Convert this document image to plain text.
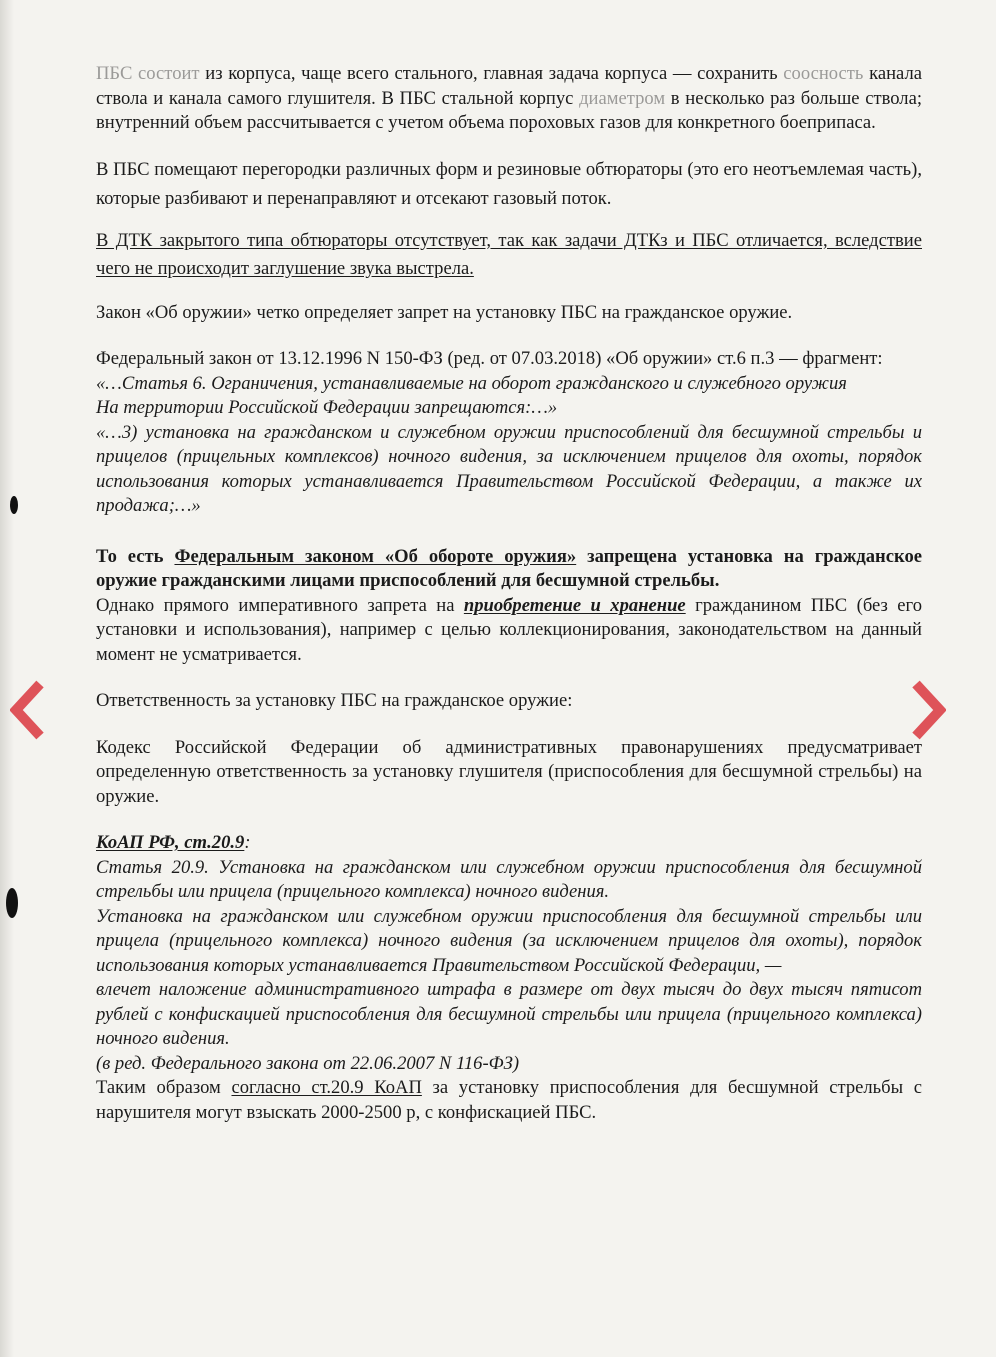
ПБС состоит из корпуса, чаще всего стального, главная задача корпуса — сохранить соосность канала ствола и канала самого глушителя. В ПБС стальной корпус диаметром в несколько раз больше ствола; внутренний объем рассчитывается с учетом объема пороховых газов для конкретного боеприпаса.

В ПБС помещают перегородки различных форм и резиновые обтюраторы (это его неотъемлемая часть), которые разбивают и перенаправляют и отсекают газовый поток.

В ДТК закрытого типа обтюраторы отсутствует, так как задачи ДТКз и ПБС отличается, вследствие чего не происходит заглушение звука выстрела.

Закон «Об оружии» четко определяет запрет на установку ПБС на гражданское оружие.

Федеральный закон от 13.12.1996 N 150-ФЗ (ред. от 07.03.2018) «Об оружии» ст.6 п.3 — фрагмент:

«…Статья 6. Ограничения, устанавливаемые на оборот гражданского и служебного оружия

На территории Российской Федерации запрещаются:…»

«…3) установка на гражданском и служебном оружии приспособлений для бесшумной стрельбы и прицелов (прицельных комплексов) ночного видения, за исключением прицелов для охоты, порядок использования которых устанавливается Правительством Российской Федерации, а также их продажа;…»

То есть Федеральным законом «Об обороте оружия» запрещена установка на гражданское оружие гражданскими лицами приспособлений для бесшумной стрельбы.

Однако прямого императивного запрета на приобретение и хранение гражданином ПБС (без его установки и использования), например с целью коллекционирования, законодательством на данный момент не усматривается.

Ответственность за установку ПБС на гражданское оружие:

Кодекс Российской Федерации об административных правонарушениях предусматривает определенную ответственность за установку глушителя (приспособления для бесшумной стрельбы) на оружие.

КоАП РФ, ст.20.9:

Статья 20.9. Установка на гражданском или служебном оружии приспособления для бесшумной стрельбы или прицела (прицельного комплекса) ночного видения.

Установка на гражданском или служебном оружии приспособления для бесшумной стрельбы или прицела (прицельного комплекса) ночного видения (за исключением прицелов для охоты), порядок использования которых устанавливается Правительством Российской Федерации, —

влечет наложение административного штрафа в размере от двух тысяч до двух тысяч пятисот рублей с конфискацией приспособления для бесшумной стрельбы или прицела (прицельного комплекса) ночного видения.

(в ред. Федерального закона от 22.06.2007 N 116-ФЗ)

Таким образом согласно ст.20.9 КоАП за установку приспособления для бесшумной стрельбы с нарушителя могут взыскать 2000-2500 р, с конфискацией ПБС.
